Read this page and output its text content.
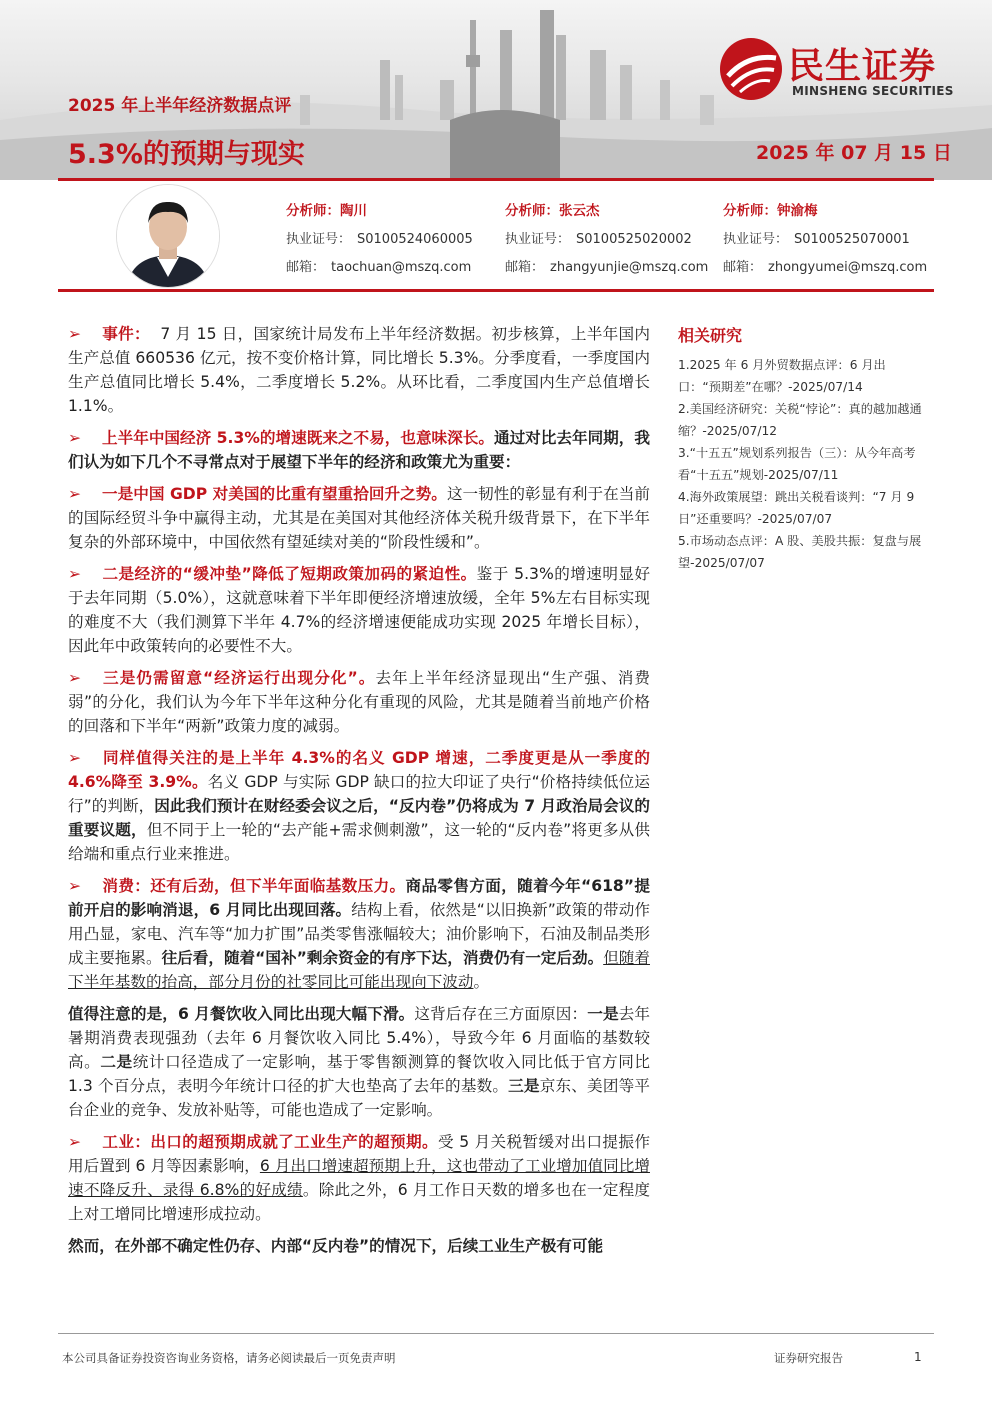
民生证券
MINSHENG SECURITIES
2025 年上半年经济数据点评
5.3%的预期与现实	2025 年 07 月 15 日
分析师：陶川
执业证号： S0100524060005
邮箱： taochuan@mszq.com
分析师：张云杰
执业证号： S0100525020002
邮箱： zhangyunjie@mszq.com
分析师：钟渝梅
执业证号： S0100525070001
邮箱： zhongyumei@mszq.com

➢ 事件： 7 月 15 日，国家统计局发布上半年经济数据。初步核算，上半年国内生产总值 660536 亿元，按不变价格计算，同比增长 5.3%。分季度看，一季度国内生产总值同比增长 5.4%，二季度增长 5.2%。从环比看，二季度国内生产总值增长 1.1%。

➢ 上半年中国经济 5.3%的增速既来之不易，也意味深长。通过对比去年同期，我们认为如下几个不寻常点对于展望下半年的经济和政策尤为重要：

➢ 一是中国 GDP 对美国的比重有望重拾回升之势。这一韧性的彰显有利于在当前的国际经贸斗争中赢得主动，尤其是在美国对其他经济体关税升级背景下，在下半年复杂的外部环境中，中国依然有望延续对美的“阶段性缓和”。

➢ 二是经济的“缓冲垫”降低了短期政策加码的紧迫性。鉴于 5.3%的增速明显好于去年同期（5.0%），这就意味着下半年即便经济增速放缓，全年 5%左右目标实现的难度不大（我们测算下半年 4.7%的经济增速便能成功实现 2025 年增长目标），因此年中政策转向的必要性不大。

➢ 三是仍需留意“经济运行出现分化”。去年上半年经济显现出“生产强、消费弱”的分化，我们认为今年下半年这种分化有重现的风险，尤其是随着当前地产价格的回落和下半年“两新”政策力度的减弱。

➢ 同样值得关注的是上半年 4.3%的名义 GDP 增速，二季度更是从一季度的 4.6%降至 3.9%。名义 GDP 与实际 GDP 缺口的拉大印证了央行“价格持续低位运行”的判断，因此我们预计在财经委会议之后，“反内卷”仍将成为 7 月政治局会议的重要议题，但不同于上一轮的“去产能+需求侧刺激”，这一轮的“反内卷”将更多从供给端和重点行业来推进。

➢ 消费：还有后劲，但下半年面临基数压力。商品零售方面，随着今年“618”提前开启的影响消退，6 月同比出现回落。结构上看，依然是“以旧换新”政策的带动作用凸显，家电、汽车等“加力扩围”品类零售涨幅较大；油价影响下，石油及制品类形成主要拖累。往后看，随着“国补”剩余资金的有序下达，消费仍有一定后劲。但随着下半年基数的抬高，部分月份的社零同比可能出现向下波动。

值得注意的是，6 月餐饮收入同比出现大幅下滑。这背后存在三方面原因：一是去年暑期消费表现强劲（去年 6 月餐饮收入同比 5.4%），导致今年 6 月面临的基数较高。二是统计口径造成了一定影响，基于零售额测算的餐饮收入同比低于官方同比 1.3 个百分点，表明今年统计口径的扩大也垫高了去年的基数。三是京东、美团等平台企业的竞争、发放补贴等，可能也造成了一定影响。

➢ 工业：出口的超预期成就了工业生产的超预期。受 5 月关税暂缓对出口提振作用后置到 6 月等因素影响，6 月出口增速超预期上升，这也带动了工业增加值同比增速不降反升、录得 6.8%的好成绩。除此之外，6 月工作日天数的增多也在一定程度上对工增同比增速形成拉动。

然而，在外部不确定性仍存、内部“反内卷”的情况下，后续工业生产极有可能

相关研究
1.2025 年 6 月外贸数据点评：6 月出口：“预期差”在哪？-2025/07/14
2.美国经济研究：关税“悖论”：真的越加越通缩？-2025/07/12
3.“十五五”规划系列报告（三）：从今年高考看“十五五”规划-2025/07/11
4.海外政策展望：跳出关税看谈判：“7 月 9 日”还重要吗？-2025/07/07
5.市场动态点评：A 股、美股共振：复盘与展望-2025/07/07
本公司具备证券投资咨询业务资格，请务必阅读最后一页免责声明	证券研究报告	1
